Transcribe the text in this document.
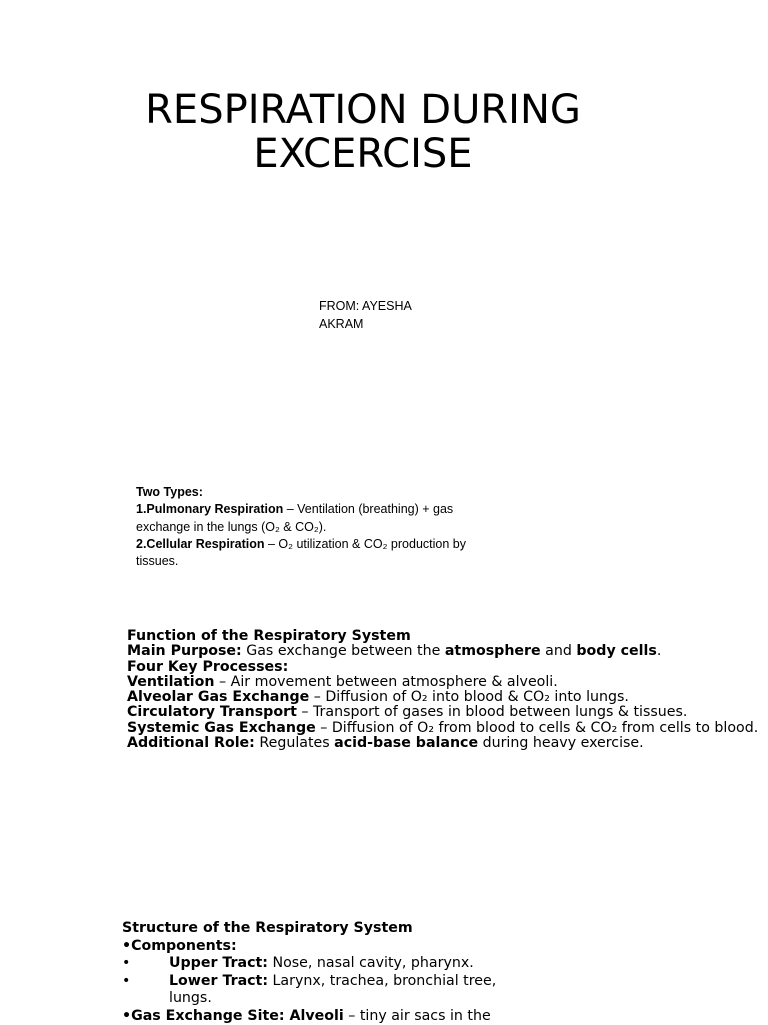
RESPIRATION DURING
EXCERCISE
FROM: AYESHA
AKRAM
Two Types:
1.Pulmonary Respiration – Ventilation (breathing) + gas exchange in the lungs (O₂ & CO₂).
2.Cellular Respiration – O₂ utilization & CO₂ production by tissues.
Function of the Respiratory System
Main Purpose: Gas exchange between the atmosphere and body cells.
Four Key Processes:
Ventilation – Air movement between atmosphere & alveoli.
Alveolar Gas Exchange – Diffusion of O₂ into blood & CO₂ into lungs.
Circulatory Transport – Transport of gases in blood between lungs & tissues.
Systemic Gas Exchange – Diffusion of O₂ from blood to cells & CO₂ from cells to blood.
Additional Role: Regulates acid-base balance during heavy exercise.
Structure of the Respiratory System
•Components:
•	Upper Tract: Nose, nasal cavity, pharynx.
•	Lower Tract: Larynx, trachea, bronchial tree, lungs.
•Gas Exchange Site: Alveoli – tiny air sacs in the
